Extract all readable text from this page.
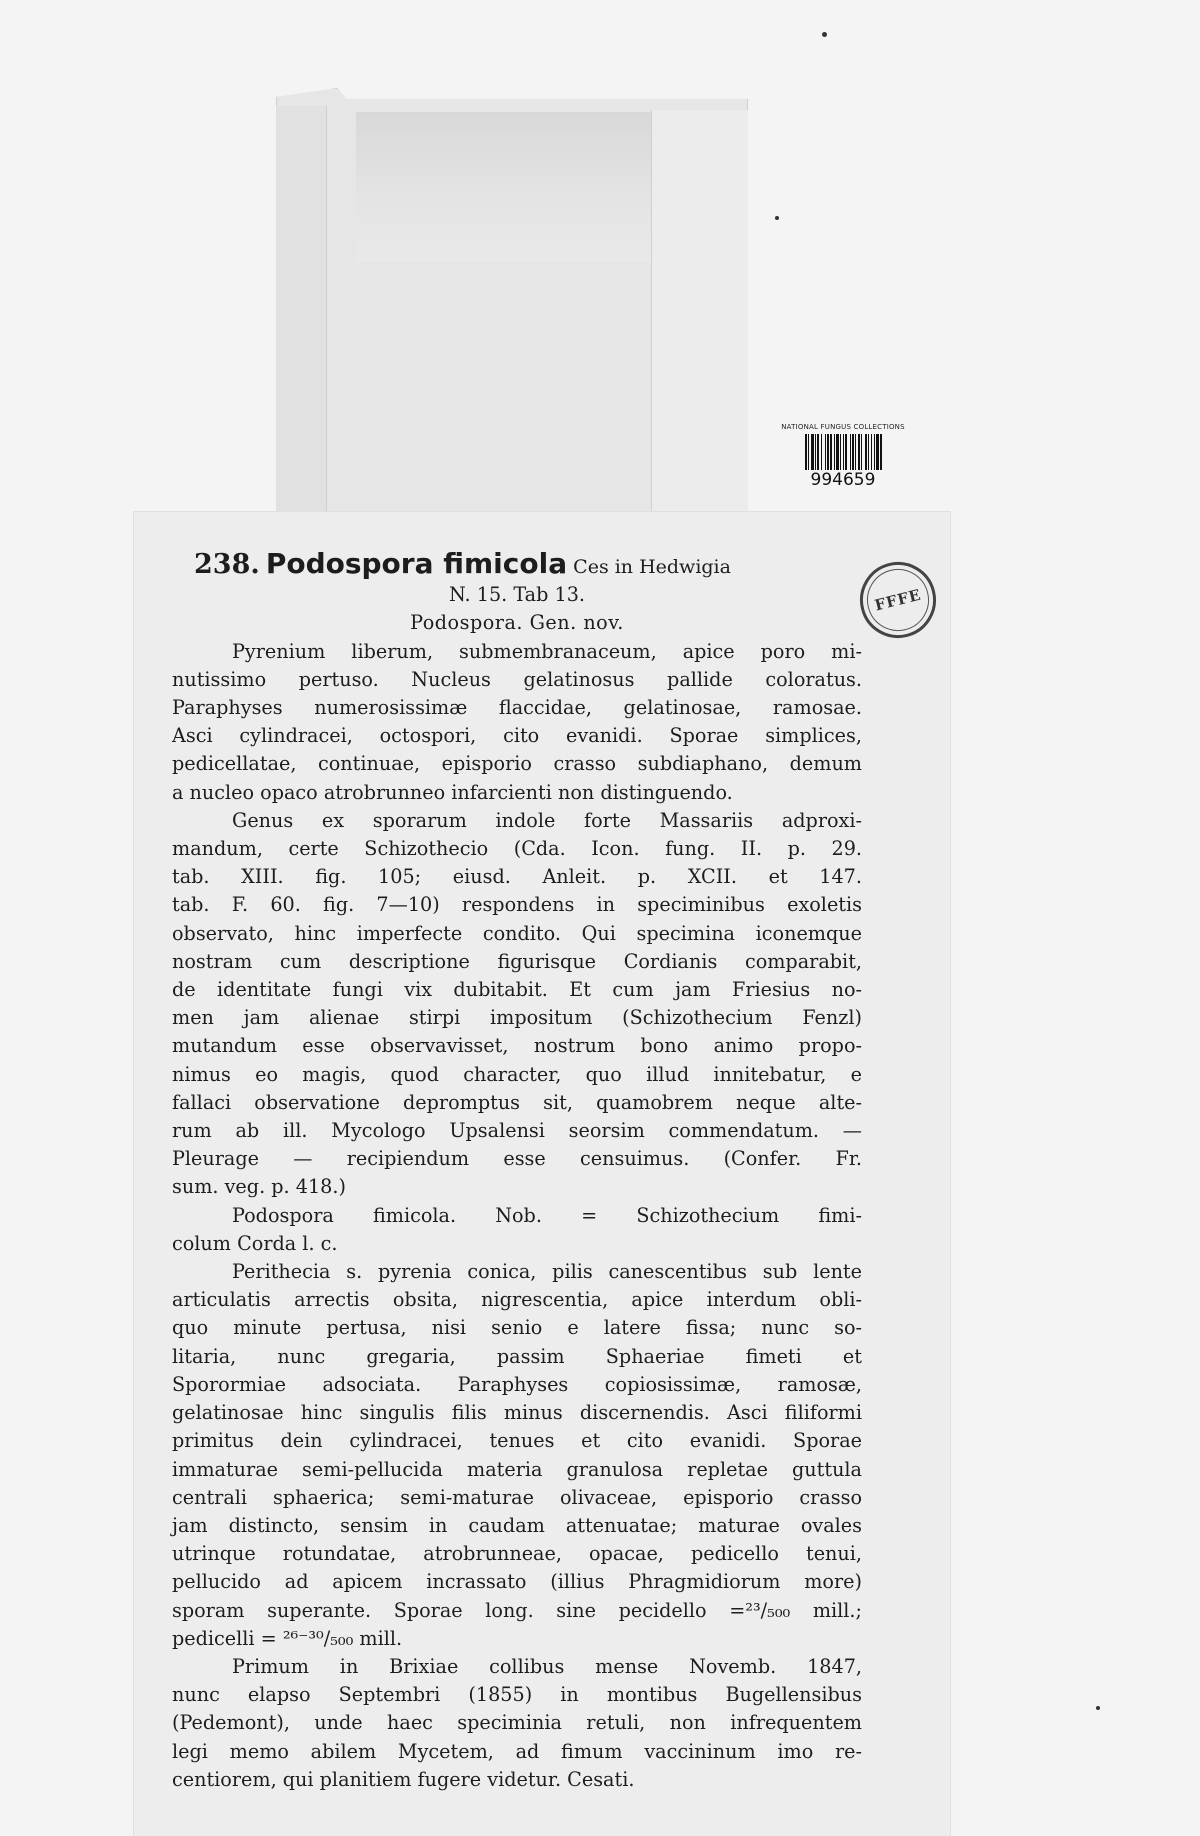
NATIONAL FUNGUS COLLECTIONS
994659
FFFE
238. Podospora fimicola Ces in Hedwigia
N. 15. Tab 13.
Podospora. Gen. nov.
Pyrenium liberum, submembranaceum, apice poro mi-
nutissimo pertuso. Nucleus gelatinosus pallide coloratus.
Paraphyses numerosissimæ flaccidae, gelatinosae, ramosae.
Asci cylindracei, octospori, cito evanidi. Sporae simplices,
pedicellatae, continuae, episporio crasso subdiaphano, demum
a nucleo opaco atrobrunneo infarcienti non distinguendo.
Genus ex sporarum indole forte Massariis adproxi-
mandum, certe Schizothecio (Cda. Icon. fung. II. p. 29.
tab. XIII. fig. 105; eiusd. Anleit. p. XCII. et 147.
tab. F. 60. fig. 7—10) respondens in speciminibus exoletis
observato, hinc imperfecte condito. Qui specimina iconemque
nostram cum descriptione figurisque Cordianis comparabit,
de identitate fungi vix dubitabit. Et cum jam Friesius no-
men jam alienae stirpi impositum (Schizothecium Fenzl)
mutandum esse observavisset, nostrum bono animo propo-
nimus eo magis, quod character, quo illud innitebatur, e
fallaci observatione depromptus sit, quamobrem neque alte-
rum ab ill. Mycologo Upsalensi seorsim commendatum. —
Pleurage — recipiendum esse censuimus. (Confer. Fr.
sum. veg. p. 418.)
Podospora fimicola. Nob. = Schizothecium fimi-
colum Corda l. c.
Perithecia s. pyrenia conica, pilis canescentibus sub lente
articulatis arrectis obsita, nigrescentia, apice interdum obli-
quo minute pertusa, nisi senio e latere fissa; nunc so-
litaria, nunc gregaria, passim Sphaeriae fimeti et
Sporormiae adsociata. Paraphyses copiosissimæ, ramosæ,
gelatinosae hinc singulis filis minus discernendis. Asci filiformi
primitus dein cylindracei, tenues et cito evanidi. Sporae
immaturae semi-pellucida materia granulosa repletae guttula
centrali sphaerica; semi-maturae olivaceae, episporio crasso
jam distincto, sensim in caudam attenuatae; maturae ovales
utrinque rotundatae, atrobrunneae, opacae, pedicello tenui,
pellucido ad apicem incrassato (illius Phragmidiorum more)
sporam superante. Sporae long. sine pecidello =²³/₅₀₀ mill.;
pedicelli = ²⁶⁻³⁰/₅₀₀ mill.
Primum in Brixiae collibus mense Novemb. 1847,
nunc elapso Septembri (1855) in montibus Bugellensibus
(Pedemont), unde haec speciminia retuli, non infrequentem
legi memo abilem Mycetem, ad fimum vaccininum imo re-
centiorem, qui planitiem fugere videtur. Cesati.
